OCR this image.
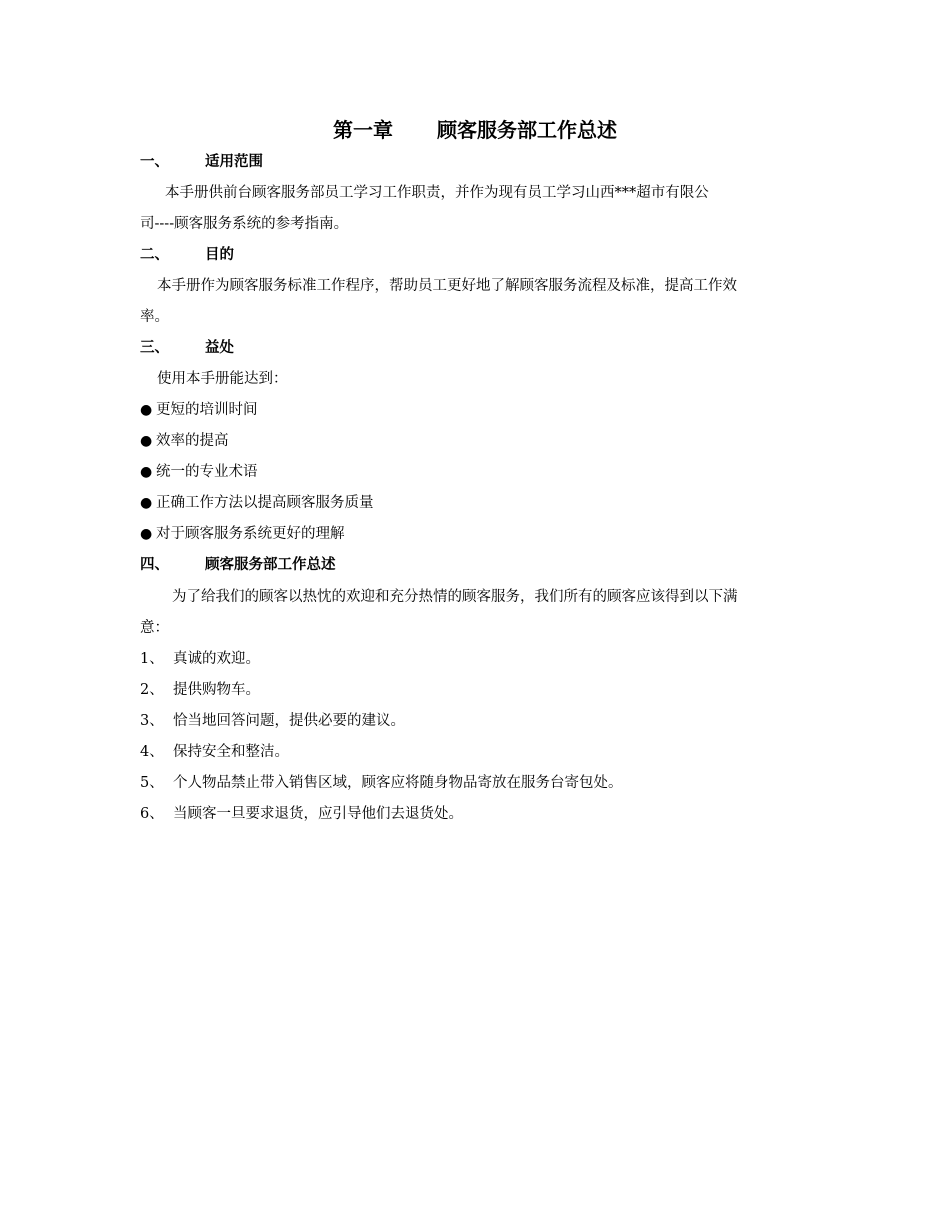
第一章 顾客服务部工作总述
一、 适用范围
本手册供前台顾客服务部员工学习工作职责，并作为现有员工学习山西***超市有限公
司----顾客服务系统的参考指南。
二、 目的
本手册作为顾客服务标准工作程序，帮助员工更好地了解顾客服务流程及标准，提高工作效
率。
三、 益处
使用本手册能达到：
● 更短的培训时间
● 效率的提高
● 统一的专业术语
● 正确工作方法以提高顾客服务质量
● 对于顾客服务系统更好的理解
四、 顾客服务部工作总述
为了给我们的顾客以热忱的欢迎和充分热情的顾客服务，我们所有的顾客应该得到以下满
意：
1、 真诚的欢迎。
2、 提供购物车。
3、 恰当地回答问题，提供必要的建议。
4、 保持安全和整洁。
5、 个人物品禁止带入销售区域，顾客应将随身物品寄放在服务台寄包处。
6、 当顾客一旦要求退货，应引导他们去退货处。
